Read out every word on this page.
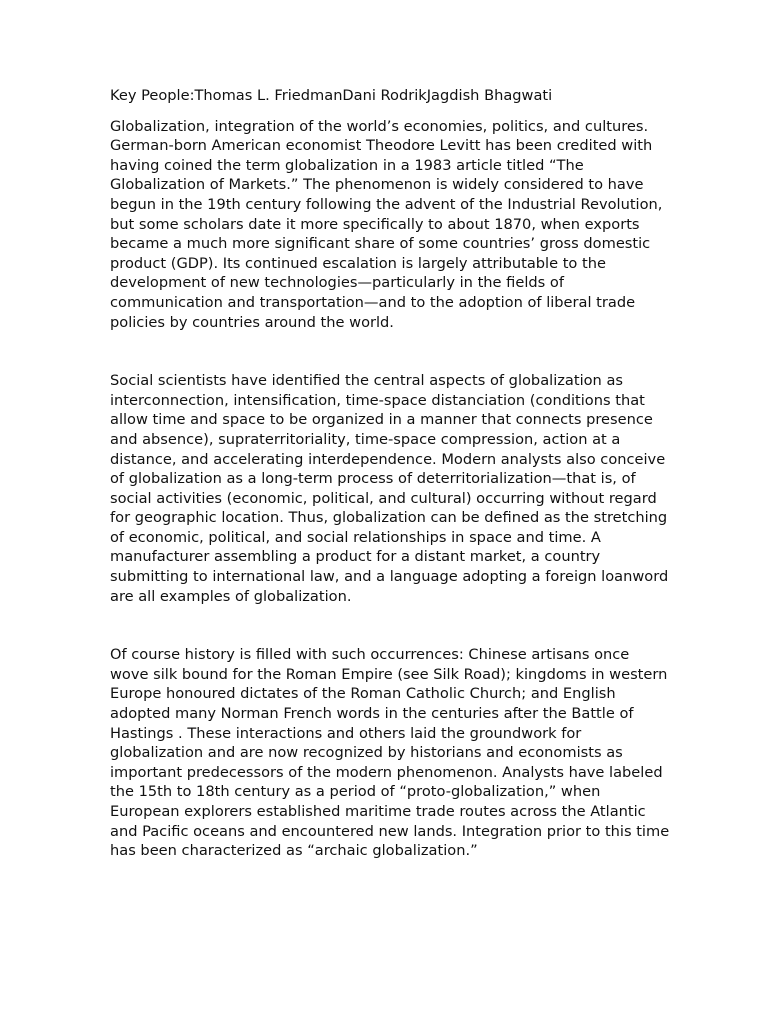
Key People:Thomas L. FriedmanDani RodrikJagdish Bhagwati

Globalization, integration of the world’s economies, politics, and cultures. German-born American economist Theodore Levitt has been credited with having coined the term globalization in a 1983 article titled “The Globalization of Markets.” The phenomenon is widely considered to have begun in the 19th century following the advent of the Industrial Revolution, but some scholars date it more specifically to about 1870, when exports became a much more significant share of some countries’ gross domestic product (GDP). Its continued escalation is largely attributable to the development of new technologies—particularly in the fields of communication and transportation—and to the adoption of liberal trade policies by countries around the world.

Social scientists have identified the central aspects of globalization as interconnection, intensification, time-space distanciation (conditions that allow time and space to be organized in a manner that connects presence and absence), supraterritoriality, time-space compression, action at a distance, and accelerating interdependence. Modern analysts also conceive of globalization as a long-term process of deterritorialization—that is, of social activities (economic, political, and cultural) occurring without regard for geographic location. Thus, globalization can be defined as the stretching of economic, political, and social relationships in space and time. A manufacturer assembling a product for a distant market, a country submitting to international law, and a language adopting a foreign loanword are all examples of globalization.

Of course history is filled with such occurrences: Chinese artisans once wove silk bound for the Roman Empire (see Silk Road); kingdoms in western Europe honoured dictates of the Roman Catholic Church; and English adopted many Norman French words in the centuries after the Battle of Hastings . These interactions and others laid the groundwork for globalization and are now recognized by historians and economists as important predecessors of the modern phenomenon. Analysts have labeled the 15th to 18th century as a period of “proto-globalization,” when European explorers established maritime trade routes across the Atlantic and Pacific oceans and encountered new lands. Integration prior to this time has been characterized as “archaic globalization.”
